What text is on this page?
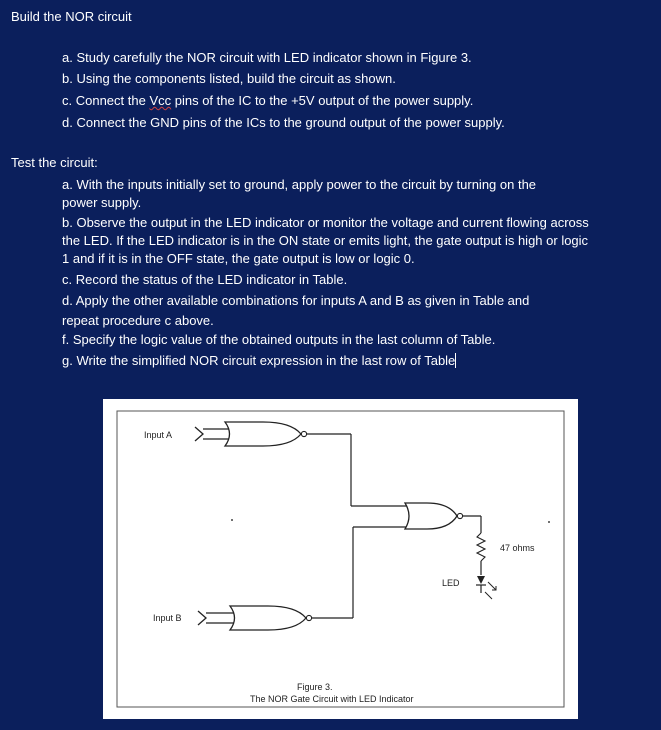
Build the NOR circuit
a. Study carefully the NOR circuit with LED indicator shown in Figure 3.
b. Using the components listed, build the circuit as shown.
c. Connect the Vcc pins of the IC to the +5V output of the power supply.
d. Connect the GND pins of the ICs to the ground output of the power supply.
Test the circuit:
a. With the inputs initially set to ground, apply power to the circuit by turning on the
power supply.
b. Observe the output in the LED indicator or monitor the voltage and current flowing across
the LED. If the LED indicator is in the ON state or emits light, the gate output is high or logic
1 and if it is in the OFF state, the gate output is low or logic 0.
c. Record the status of the LED indicator in Table.
d. Apply the other available combinations for inputs A and B as given in Table and
repeat procedure c above.
f. Specify the logic value of the obtained outputs in the last column of Table.
g. Write the simplified NOR circuit expression in the last row of Table
Input A
Input B
47 ohms
LED
Figure 3.
The NOR Gate Circuit with LED Indicator
